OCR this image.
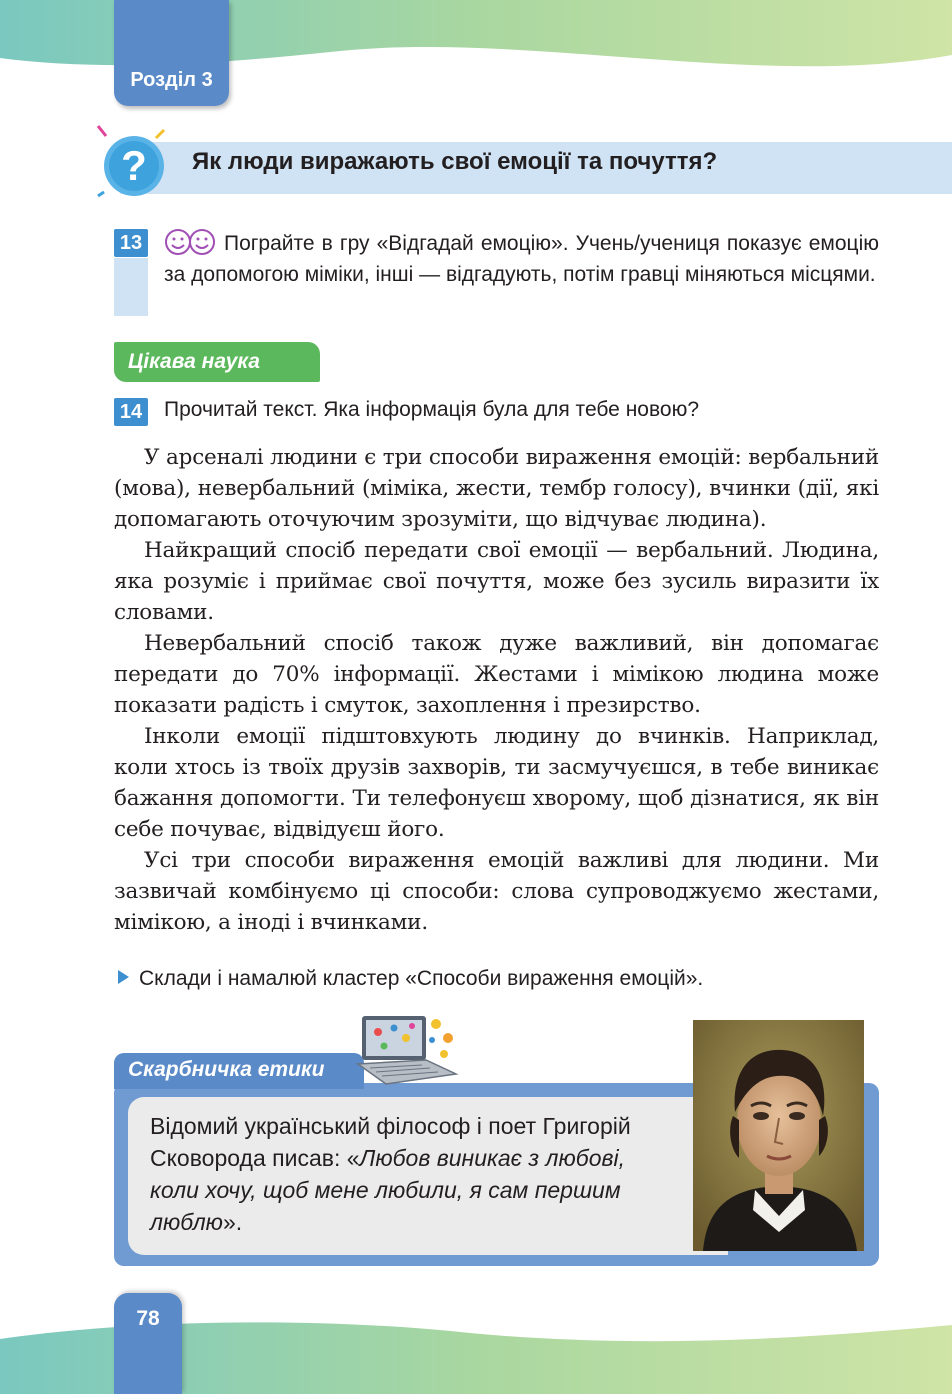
Розділ 3
? Як люди виражають свої емоції та почуття?
13	Пограйте в гру «Відгадай емоцію». Учень/учениця показує емоцію за допомогою міміки, інші — відгадують, потім гравці міняються місцями.
Цікава наука
14 Прочитай текст. Яка інформація була для тебе новою?

У арсеналі людини є три способи вираження емоцій: вербальний (мова), невербальний (міміка, жести, тембр голосу), вчинки (дії, які допомагають оточуючим зрозуміти, що відчуває людина).

Найкращий спосіб передати свої емоції — вербальний. Людина, яка розуміє і приймає свої почуття, може без зусиль виразити їх словами.

Невербальний спосіб також дуже важливий, він допомагає передати до 70% інформації. Жестами і мімікою людина може показати радість і смуток, захоплення і презирство.

Інколи емоції підштовхують людину до вчинків. Наприклад, коли хтось із твоїх друзів захворів, ти засмучуєшся, в тебе виникає бажання допомогти. Ти телефонуєш хворому, щоб дізнатися, як він себе почуває, відвідуєш його.

Усі три способи вираження емоцій важливі для людини. Ми зазвичай комбінуємо ці способи: слова супроводжуємо жестами, мімікою, а іноді і вчинками.

Склади і намалюй кластер «Способи вираження емоцій».
Скарбничка етики
Відомий український філософ і поет Григорій Сковорода писав: «Любов виникає з любові, коли хочу, щоб мене любили, я сам першим люблю».
78
